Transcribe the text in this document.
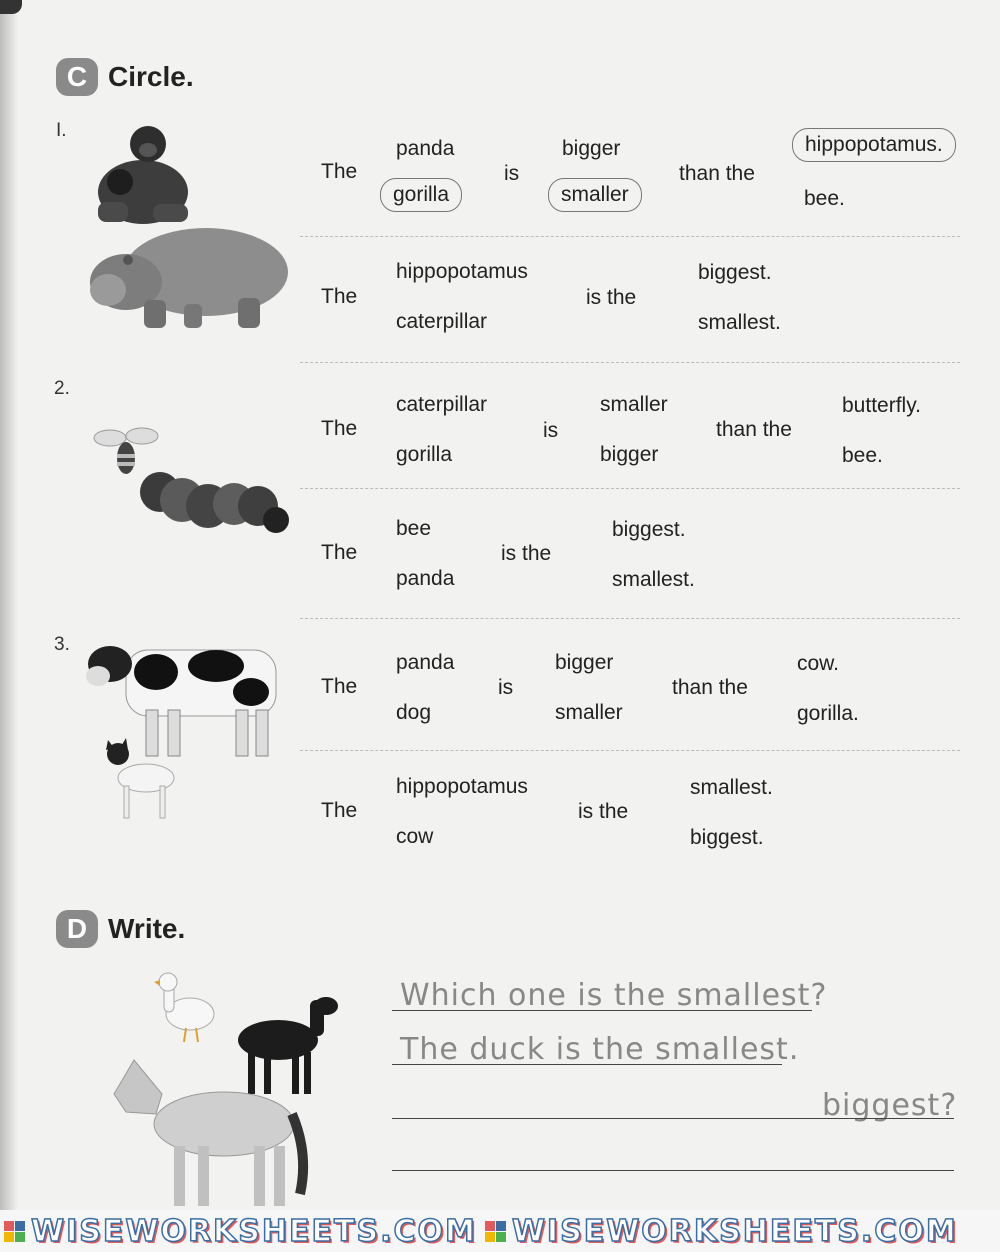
C Circle.
I.
2.
3.
The
panda
gorilla
is
bigger
smaller
than the
hippopotamus.
bee.
The
hippopotamus
caterpillar
is the
biggest.
smallest.
The
caterpillar
gorilla
is
smaller
bigger
than the
butterfly.
bee.
The
bee
panda
is the
biggest.
smallest.
The
panda
dog
is
bigger
smaller
than the
cow.
gorilla.
The
hippopotamus
cow
is the
smallest.
biggest.
D Write.
Which one is the smallest?
The duck is the smallest.
biggest?
WISEWORKSHEETS.COM WISEWORKSHEETS.COM
